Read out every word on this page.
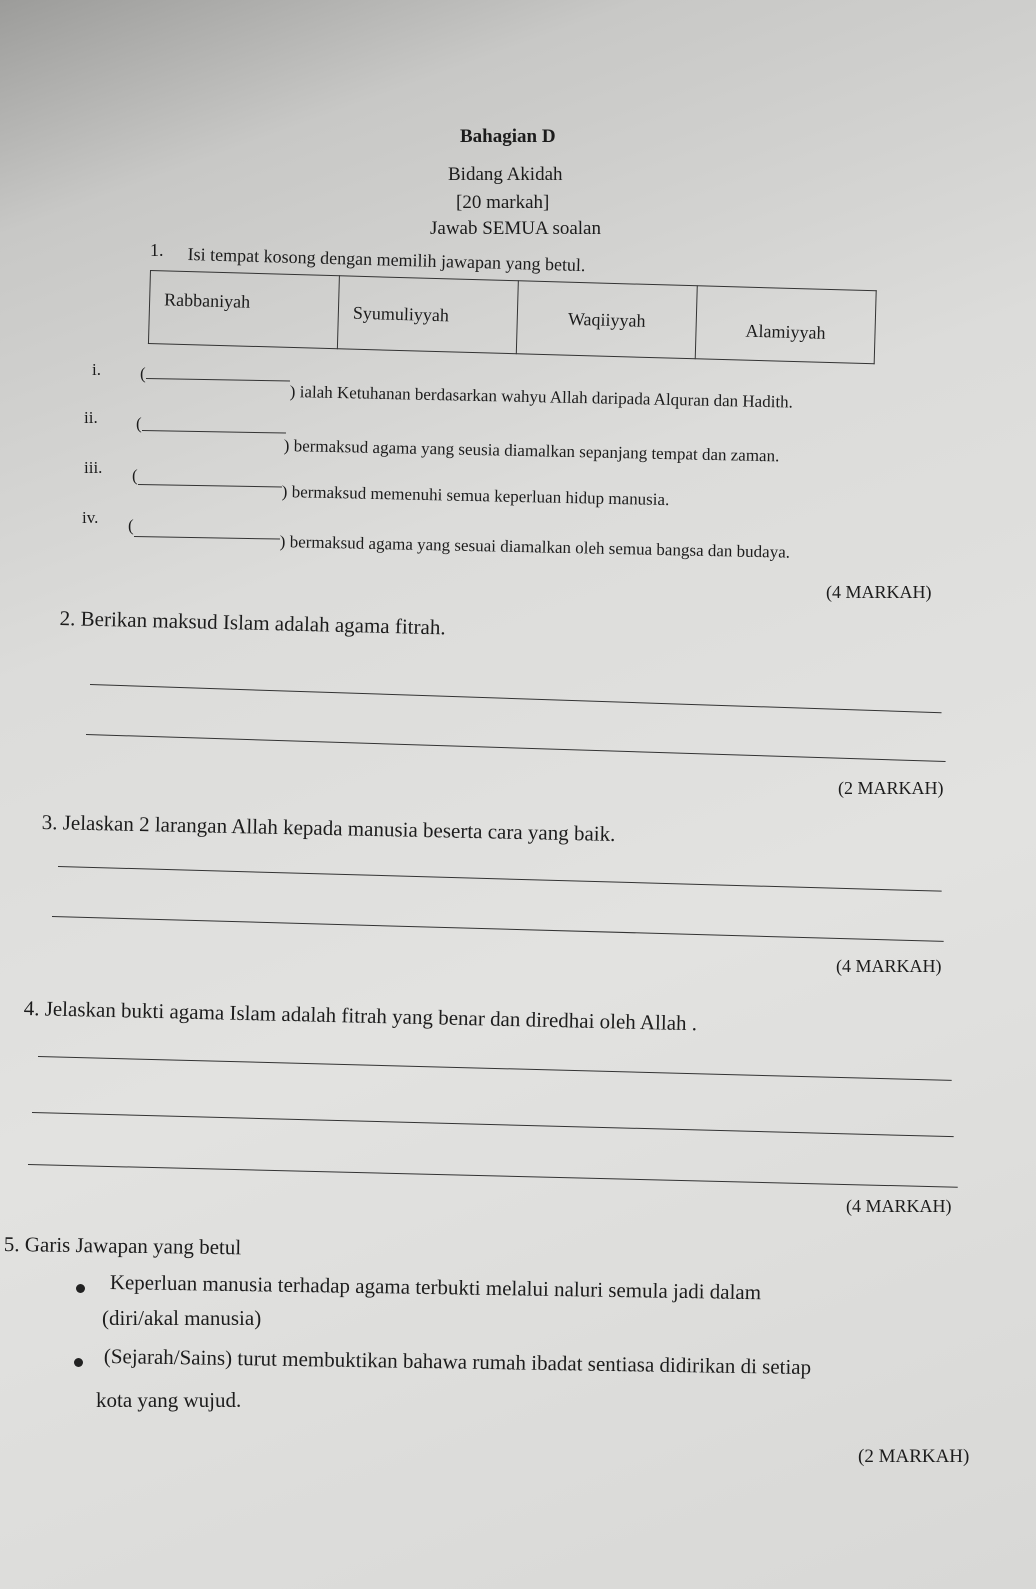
Bahagian D
Bidang Akidah
[20 markah]
Jawab SEMUA soalan
1. Isi tempat kosong dengan memilih jawapan yang betul.
Rabbaniyah	Syumuliyyah	Waqiiyyah	Alamiyyah
i. (
) ialah Ketuhanan berdasarkan wahyu Allah daripada Alquran dan Hadith.
ii. (
) bermaksud agama yang seusia diamalkan sepanjang tempat dan zaman.
iii. (
) bermaksud memenuhi semua keperluan hidup manusia.
iv. (
) bermaksud agama yang sesuai diamalkan oleh semua bangsa dan budaya.
(4 MARKAH)
2. Berikan maksud Islam adalah agama fitrah.
(2 MARKAH)
3. Jelaskan 2 larangan Allah kepada manusia beserta cara yang baik.
(4 MARKAH)
4. Jelaskan bukti agama Islam adalah fitrah yang benar dan diredhai oleh Allah .
(4 MARKAH)
5. Garis Jawapan yang betul
Keperluan manusia terhadap agama terbukti melalui naluri semula jadi dalam
(diri/akal manusia)
(Sejarah/Sains) turut membuktikan bahawa rumah ibadat sentiasa didirikan di setiap
kota yang wujud.
(2 MARKAH)
